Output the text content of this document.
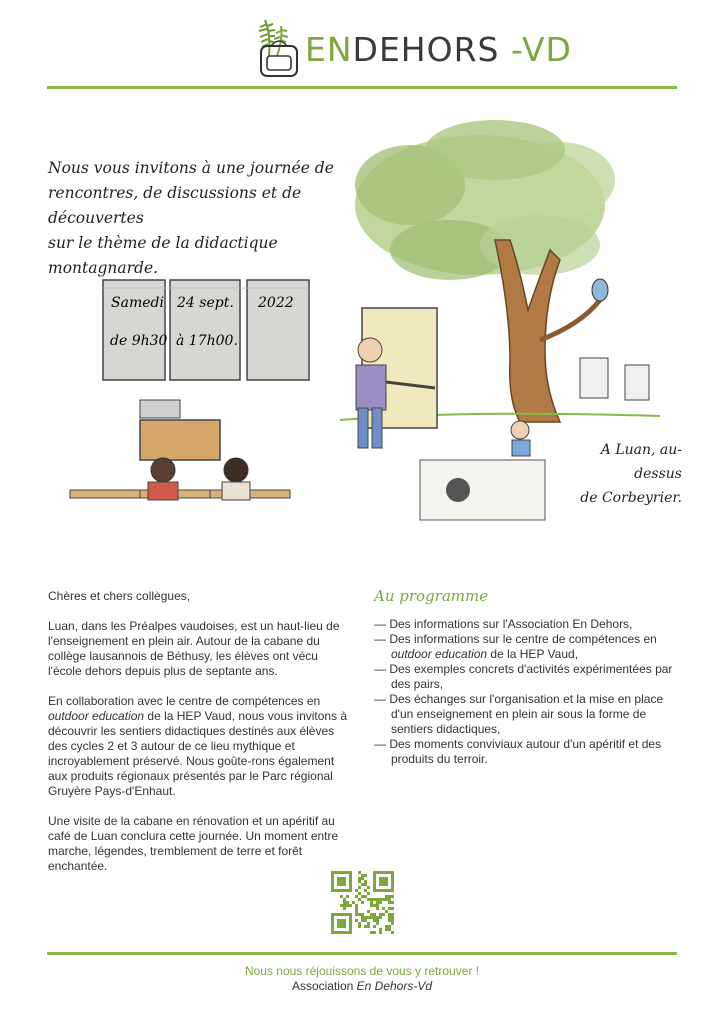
ENDEHORS -VD
Samedi 24 sept. 2022
de 9h30 à 17h00.
Nous vous invitons à une journée de
rencontres, de discussions et de découvertes
sur le thème de la didactique montagnarde.
A Luan, au-dessus
de Corbeyrier.

Chères et chers collègues,

Luan, dans les Préalpes vaudoises, est un haut-lieu de l'enseignement en plein air. Autour de la cabane du collège lausannois de Béthusy, les élèves ont vécu l'école dehors depuis plus de septante ans.

En collaboration avec le centre de compétences en outdoor education de la HEP Vaud, nous vous invitons à découvrir les sentiers didactiques destinés aux élèves des cycles 2 et 3 autour de ce lieu mythique et incroyablement préservé. Nous goûte-rons également aux produits régionaux présentés par le Parc régional Gruyère Pays-d'Enhaut.

Une visite de la cabane en rénovation et un apéritif au café de Luan conclura cette journée. Un moment entre marche, légendes, tremblement de terre et forêt enchantée.

Au programme
— Des informations sur l'Association En Dehors,
— Des informations sur le centre de compétences en outdoor education de la HEP Vaud,
— Des exemples concrets d'activités expérimentées par des pairs,
— Des échanges sur l'organisation et la mise en place d'un enseignement en plein air sous la forme de sentiers didactiques,
— Des moments conviviaux autour d'un apéritif et des produits du terroir.
Nous nous réjouissons de vous y retrouver !
Association En Dehors-Vd
